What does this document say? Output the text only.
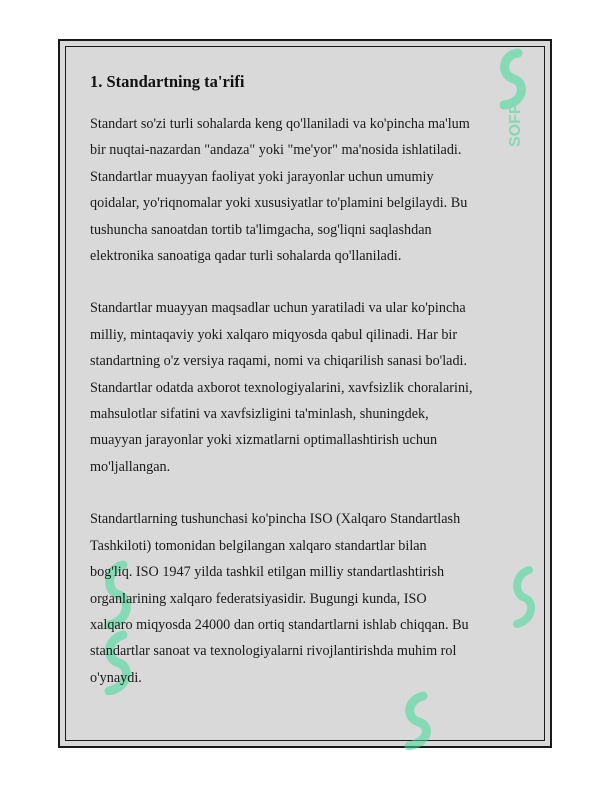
SOFF
1. Standartning ta'rifi

Standart so'zi turli sohalarda keng qo'llaniladi va ko'pincha ma'lum
bir nuqtai-nazardan "andaza" yoki "me'yor" ma'nosida ishlatiladi.
Standartlar muayyan faoliyat yoki jarayonlar uchun umumiy
qoidalar, yo'riqnomalar yoki xususiyatlar to'plamini belgilaydi. Bu
tushuncha sanoatdan tortib ta'limgacha, sog'liqni saqlashdan
elektronika sanoatiga qadar turli sohalarda qo'llaniladi.

Standartlar muayyan maqsadlar uchun yaratiladi va ular ko'pincha
milliy, mintaqaviy yoki xalqaro miqyosda qabul qilinadi. Har bir
standartning o'z versiya raqami, nomi va chiqarilish sanasi bo'ladi.
Standartlar odatda axborot texnologiyalarini, xavfsizlik choralarini,
mahsulotlar sifatini va xavfsizligini ta'minlash, shuningdek,
muayyan jarayonlar yoki xizmatlarni optimallashtirish uchun
mo'ljallangan.

Standartlarning tushunchasi ko'pincha ISO (Xalqaro Standartlash
Tashkiloti) tomonidan belgilangan xalqaro standartlar bilan
bog'liq. ISO 1947 yilda tashkil etilgan milliy standartlashtirish
organlarining xalqaro federatsiyasidir. Bugungi kunda, ISO
xalqaro miqyosda 24000 dan ortiq standartlarni ishlab chiqqan. Bu
standartlar sanoat va texnologiyalarni rivojlantirishda muhim rol
o'ynaydi.
